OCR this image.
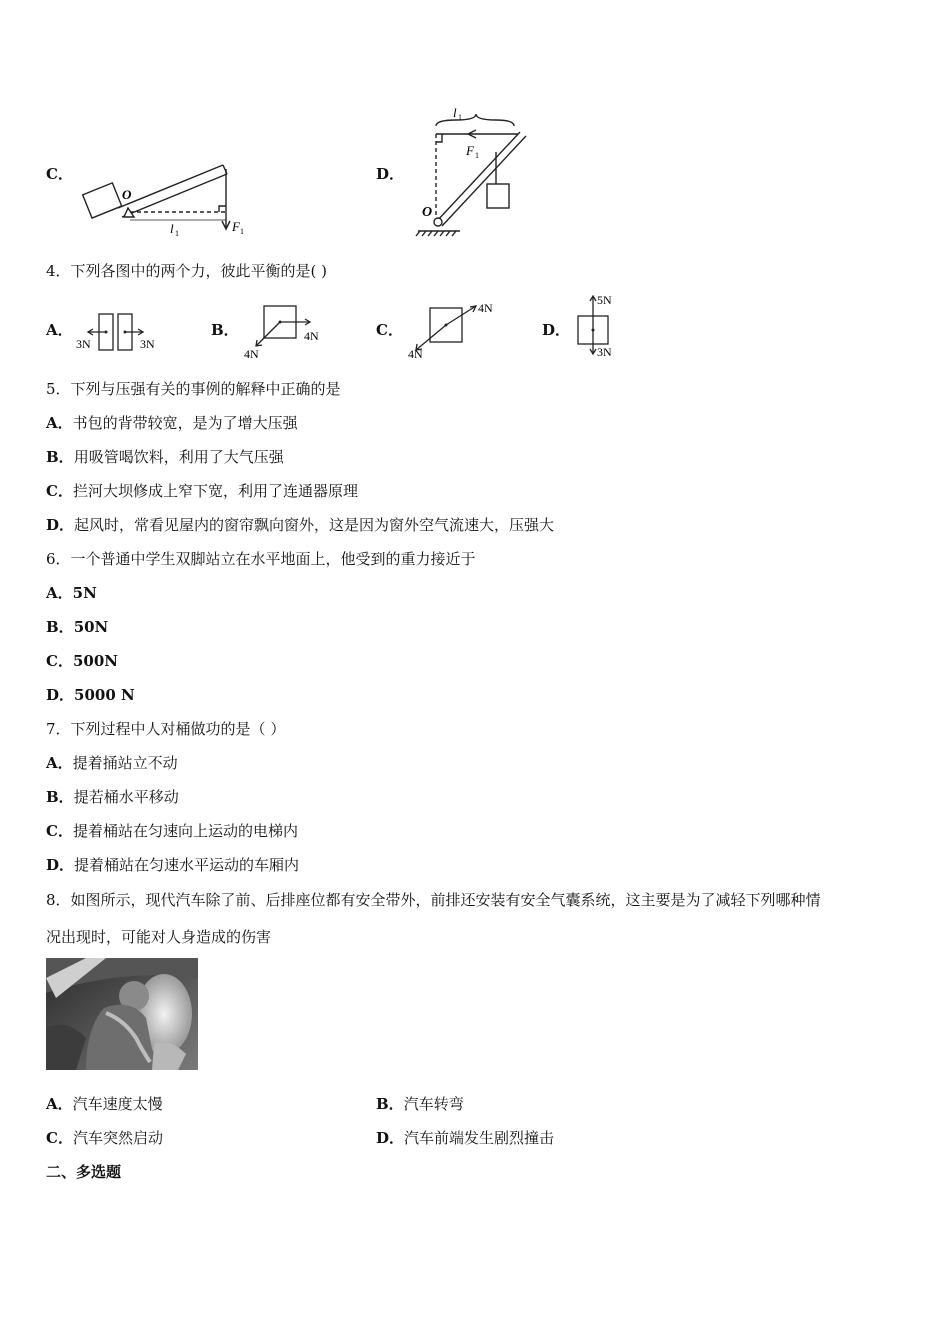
C．
O
l 1	F 1
D．
O
l 1
F 1
4．下列各图中的两个力，彼此平衡的是( )
A．
3N	3N
B．
4N
4N	C．
4N
4N
D．
5N
3N
5．下列与压强有关的事例的解释中正确的是
A．书包的背带较宽，是为了增大压强
B．用吸管喝饮料，利用了大气压强
C．拦河大坝修成上窄下宽，利用了连通器原理
D．起风时，常看见屋内的窗帘飘向窗外，这是因为窗外空气流速大，压强大
6．一个普通中学生双脚站立在水平地面上，他受到的重力接近于
A．5N
B．50N
C．500N
D．5000 N
7．下列过程中人对桶做功的是（ ）
A．提着捅站立不动
B．提若桶水平移动
C．提着桶站在匀速向上运动的电梯内
D．提着桶站在匀速水平运动的车厢内
8．如图所示，现代汽车除了前、后排座位都有安全带外，前排还安装有安全气囊系统，这主要是为了减轻下列哪种情
况出现时，可能对人身造成的伤害
A．汽车速度太慢	B．汽车转弯
C．汽车突然启动	D．汽车前端发生剧烈撞击
二、多选题
